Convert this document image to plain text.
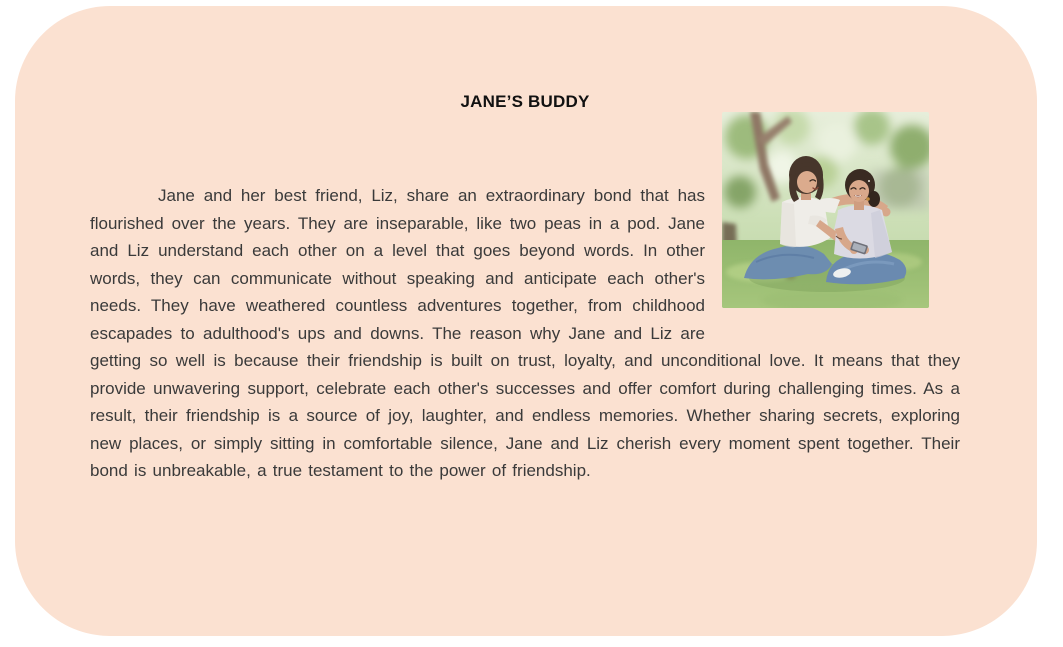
JANE’S BUDDY

Jane and her best friend, Liz, share an extraordinary bond that has flourished over the years. They are inseparable, like two peas in a pod. Jane and Liz understand each other on a level that goes beyond words. In other words, they can communicate without speaking and anticipate each other's needs. They have weathered countless adventures together, from childhood escapades to adulthood's ups and downs. The reason why Jane and Liz are getting so well is because their friendship is built on trust, loyalty, and unconditional love. It means that they provide unwavering support, celebrate each other's successes and offer comfort during challenging times. As a result, their friendship is a source of joy, laughter, and endless memories. Whether sharing secrets, exploring new places, or simply sitting in comfortable silence, Jane and Liz cherish every moment spent together. Their bond is unbreakable, a true testament to the power of friendship.
